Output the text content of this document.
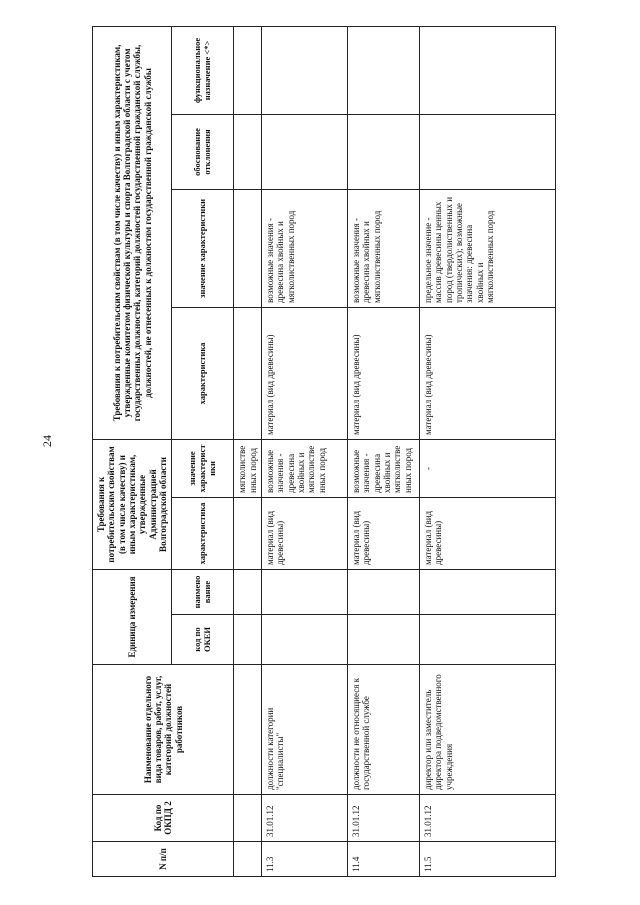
24
N п/п	Код по ОКПД 2	Наименование отдельного вида товаров, работ, услуг, категорий должностей работников	Единица измерения		Требования к потребительским свойствам (в том числе качеству) и иным характеристикам, утвержденные Администрацией Волгоградской области		Требования к потребительским свойствам (в том числе качеству) и иным характеристикам, утвержденные комитетом физической культуры и спорта Волгоградской области с учетом государственных должностей, категорий должностей государственной гражданской службы, должностей, не отнесенных к должностям государственной гражданской службы			
			код по ОКЕИ	наименование	характеристика	значение характеристики	характеристика	значение характеристики	обоснование отклонения	функциональное назначение <*>
						мягколиственных пород				
11.3	31.01.12	должности категории "специалисты"			материал (вид древесины)	возможные значения - древесина хвойных и мягколиственных пород	материал (вид древесины)	возможные значения - древесина хвойных и мягколиственных пород		
11.4	31.01.12	должности не относящиеся к государственной службе			материал (вид древесины)	возможные значения - древесина хвойных и мягколиственных пород	материал (вид древесины)	возможные значения - древесина хвойных и мягколиственных пород		
11.5	31.01.12	директор или заместитель директора подведомственного учреждения			материал (вид древесины)	-	материал (вид древесины)	предельное значение - массив древесины ценных пород (твердолиственных и тропических); возможные значения: древесина хвойных и мягколиственных пород		
